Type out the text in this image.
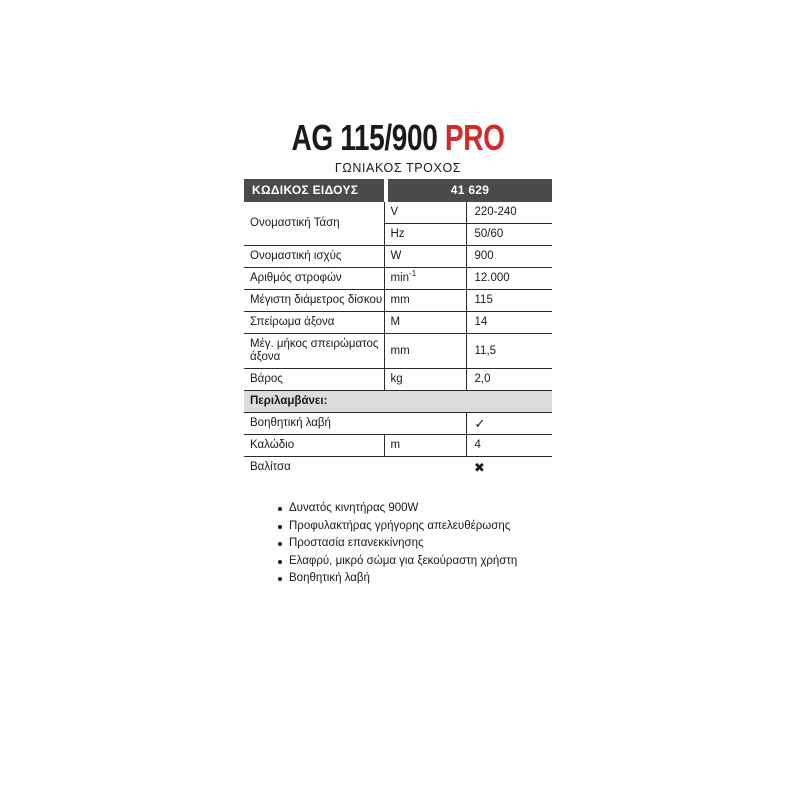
AG 115/900 PRO
ΓΩΝΙΑΚΟΣ ΤΡΟΧΟΣ
ΚΩΔΙΚΟΣ ΕΙΔΟΥΣ	41 629
Ονομαστική Τάση	V	220-240
	Hz	50/60
Ονομαστική ισχύς	W	900
Αριθμός στροφών	$\min^{-1}$	12.000
Μέγιστη διάμετρος δίσκου	mm	115
Σπείρωμα άξονα	M	14
Μέγ. μήκος σπειρώματος άξονα	mm	11,5
Βάρος	kg	2,0
Περιλαμβάνει:		
Βοηθητική λαβή		✓
Καλώδιο	m	4
Βαλίτσα		✖
Δυνατός κινητήρας 900W
Προφυλακτήρας γρήγορης απελευθέρωσης
Προστασία επανεκκίνησης
Ελαφρύ, μικρό σώμα για ξεκούραστη χρήστη
Βοηθητική λαβή
